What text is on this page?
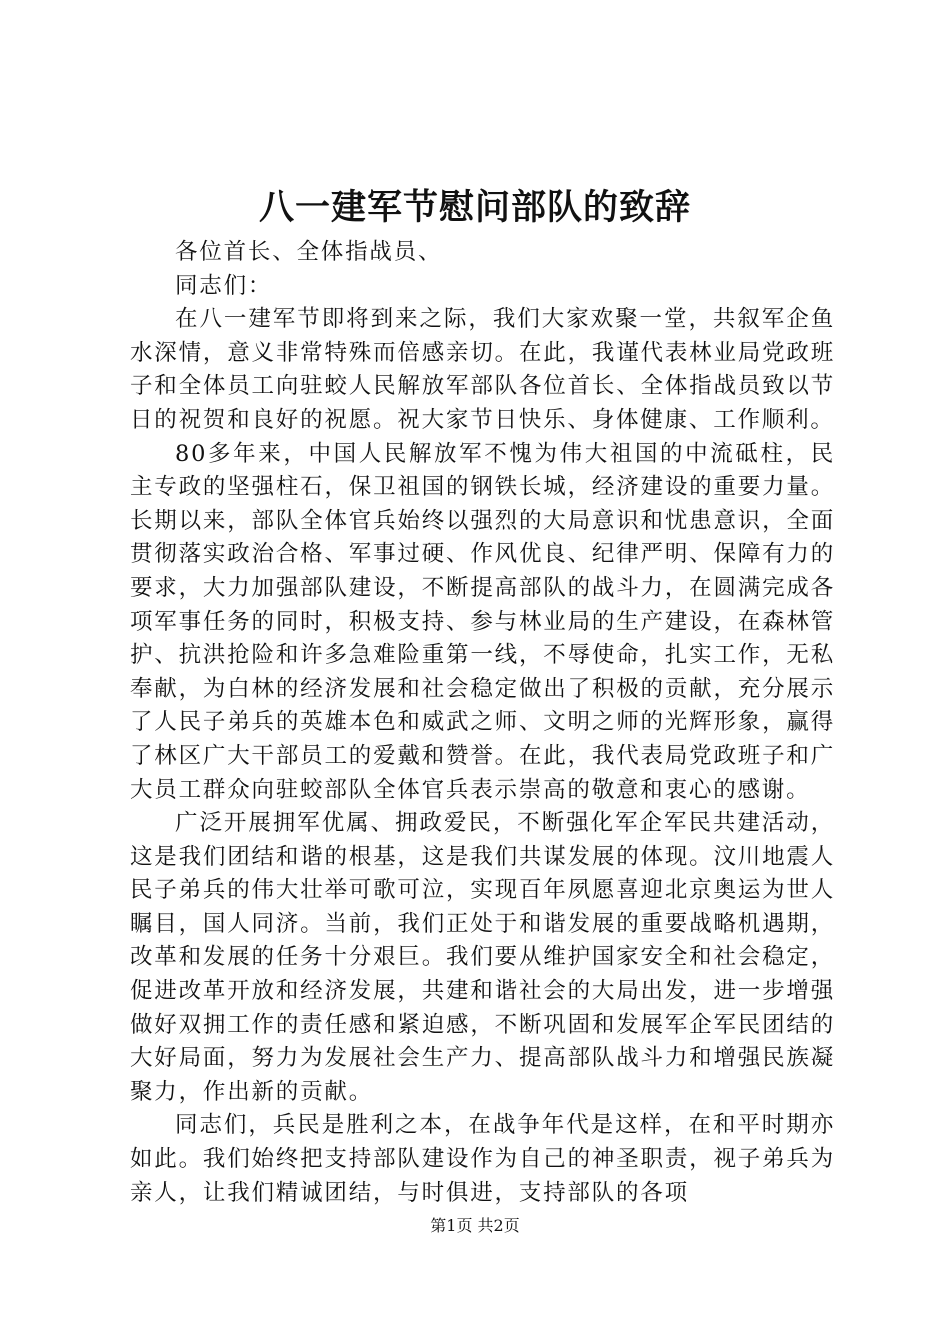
八一建军节慰问部队的致辞

各位首长、全体指战员、

同志们：

在八一建军节即将到来之际，我们大家欢聚一堂，共叙军企鱼水深情，意义非常特殊而倍感亲切。在此，我谨代表林业局党政班子和全体员工向驻蛟人民解放军部队各位首长、全体指战员致以节日的祝贺和良好的祝愿。祝大家节日快乐、身体健康、工作顺利。

80多年来，中国人民解放军不愧为伟大祖国的中流砥柱，民主专政的坚强柱石，保卫祖国的钢铁长城，经济建设的重要力量。长期以来，部队全体官兵始终以强烈的大局意识和忧患意识，全面贯彻落实政治合格、军事过硬、作风优良、纪律严明、保障有力的要求，大力加强部队建设，不断提高部队的战斗力，在圆满完成各项军事任务的同时，积极支持、参与林业局的生产建设，在森林管护、抗洪抢险和许多急难险重第一线，不辱使命，扎实工作，无私奉献，为白林的经济发展和社会稳定做出了积极的贡献，充分展示了人民子弟兵的英雄本色和威武之师、文明之师的光辉形象，赢得了林区广大干部员工的爱戴和赞誉。在此，我代表局党政班子和广大员工群众向驻蛟部队全体官兵表示崇高的敬意和衷心的感谢。

广泛开展拥军优属、拥政爱民，不断强化军企军民共建活动，这是我们团结和谐的根基，这是我们共谋发展的体现。汶川地震人民子弟兵的伟大壮举可歌可泣，实现百年夙愿喜迎北京奥运为世人瞩目，国人同济。当前，我们正处于和谐发展的重要战略机遇期，改革和发展的任务十分艰巨。我们要从维护国家安全和社会稳定，促进改革开放和经济发展，共建和谐社会的大局出发，进一步增强做好双拥工作的责任感和紧迫感，不断巩固和发展军企军民团结的大好局面，努力为发展社会生产力、提高部队战斗力和增强民族凝聚力，作出新的贡献。

同志们，兵民是胜利之本，在战争年代是这样，在和平时期亦如此。我们始终把支持部队建设作为自己的神圣职责，视子弟兵为亲人，让我们精诚团结，与时俱进，支持部队的各项

第1页 共2页
